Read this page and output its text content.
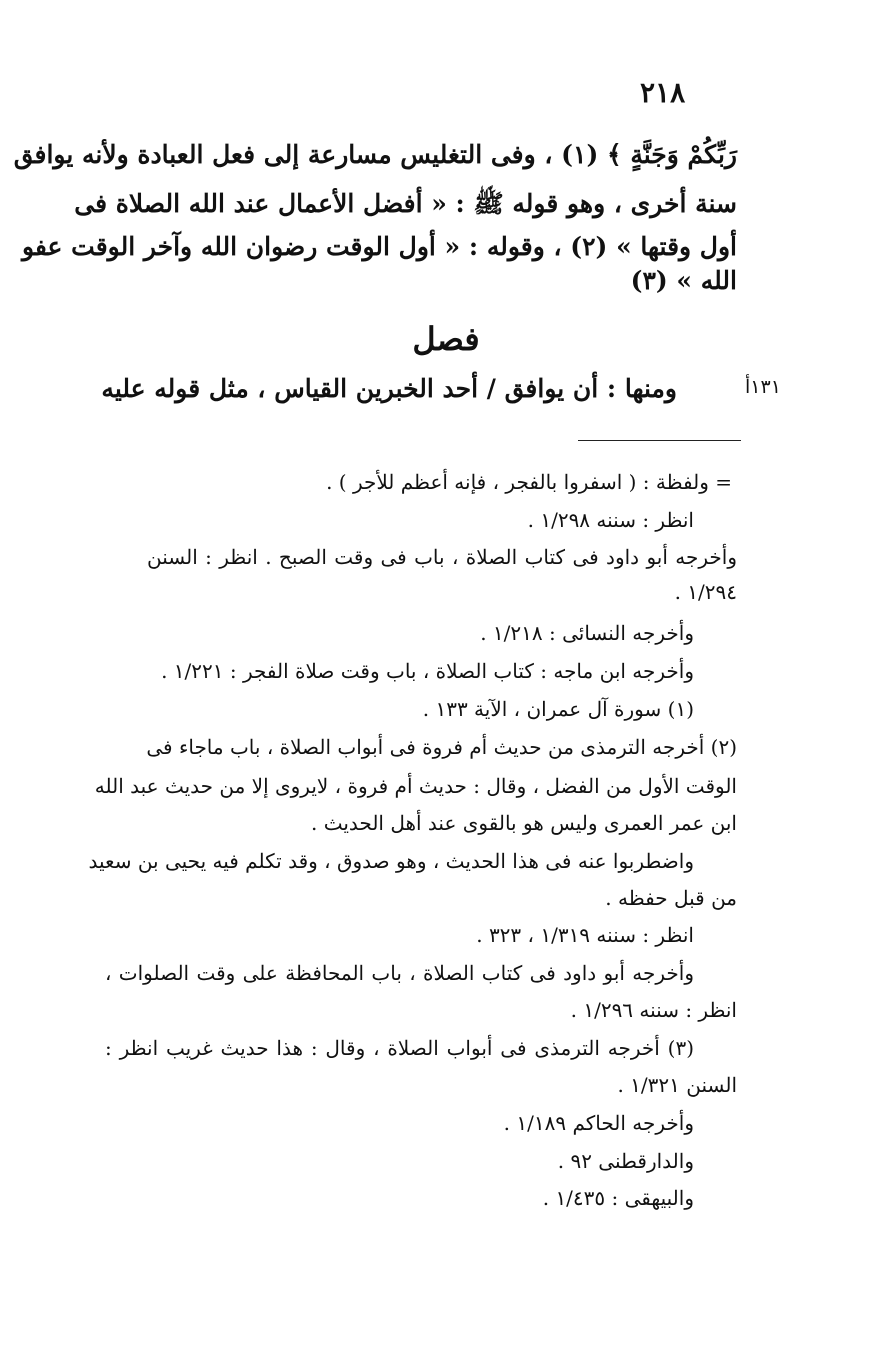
٢١٨
رَبِّكُمْ وَجَنَّةٍ ﴾ (١) ، وفى التغليس مسارعة إلى فعل العبادة ولأنه يوافق
سنة أخرى ، وهو قوله ﷺ : « أفضل الأعمال عند الله الصلاة فى
أول وقتها » (٢) ، وقوله : « أول الوقت رضوان الله وآخر الوقت عفو
الله » (٣)
فصل
ومنها : أن يوافق / أحد الخبرين القياس ، مثل قوله عليه	١٣١أ
= ولفظة : ( اسفروا بالفجر ، فإنه أعظم للأجر ) .
انظر : سننه ١/٢٩٨ .
وأخرجه أبو داود فى كتاب الصلاة ، باب فى وقت الصبح . انظر : السنن
١/٢٩٤ .
وأخرجه النسائى : ١/٢١٨ .
وأخرجه ابن ماجه : كتاب الصلاة ، باب وقت صلاة الفجر : ١/٢٢١ .
(١) سورة آل عمران ، الآية ١٣٣ .
(٢) أخرجه الترمذى من حديث أم فروة فى أبواب الصلاة ، باب ماجاء فى
الوقت الأول من الفضل ، وقال : حديث أم فروة ، لايروى إلا من حديث عبد الله
ابن عمر العمرى وليس هو بالقوى عند أهل الحديث .
واضطربوا عنه فى هذا الحديث ، وهو صدوق ، وقد تكلم فيه يحيى بن سعيد
من قبل حفظه .
انظر : سننه ١/٣١٩ ، ٣٢٣ .
وأخرجه أبو داود فى كتاب الصلاة ، باب المحافظة على وقت الصلوات ،
انظر : سننه ١/٢٩٦ .
(٣) أخرجه الترمذى فى أبواب الصلاة ، وقال : هذا حديث غريب انظر :
السنن ١/٣٢١ .
وأخرجه الحاكم ١/١٨٩ .
والدارقطنى ٩٢ .
والبيهقى : ١/٤٣٥ .
